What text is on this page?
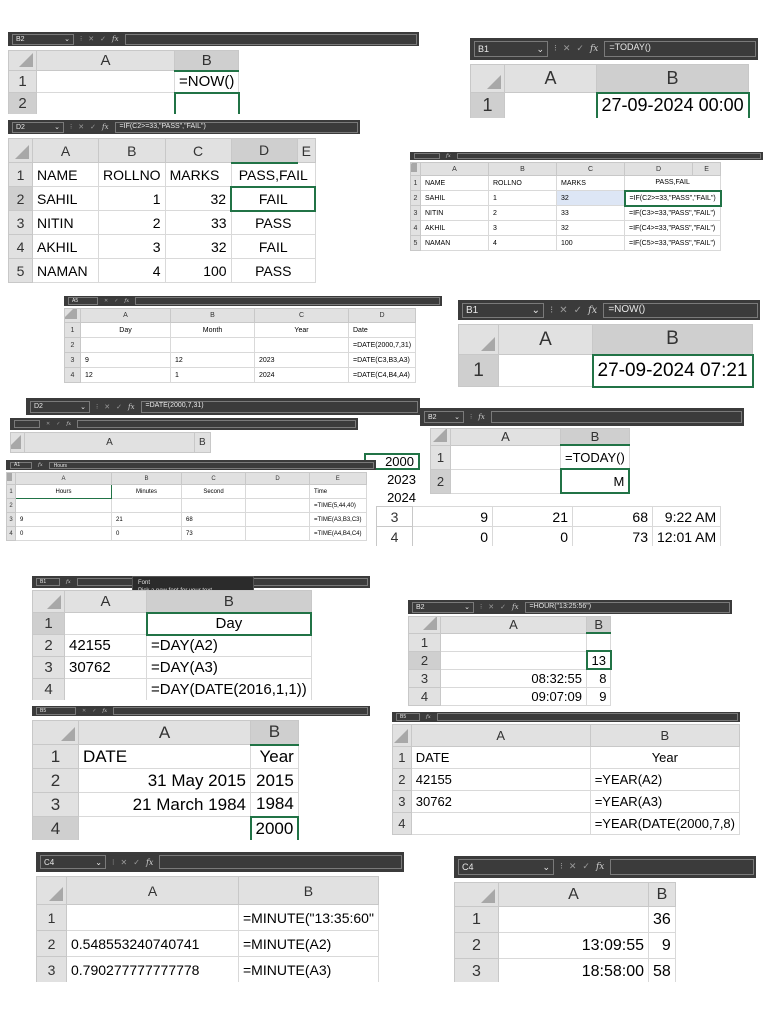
B2	⌄ ⁝ ✕ ✓ fx
	A	B
1		=NOW()
2		
B1	⌄ ⁝ ✕ ✓ fx	=TODAY()
	A	B
1		27-09-2024 00:00
D2	⌄ ⁝ ✕ ✓ fx	=IF(C2>=33,"PASS","FAIL")
	A	B	C	D	E
1	NAME	ROLLNO	MARKS	PASS,FAIL	
2	SAHIL	1	32	FAIL	
3	NITIN	2	33	PASS	
4	AKHIL	3	32	FAIL	
5	NAMAN	4	100	PASS	
fx
	A	B	C	D	E
1	NAME	ROLLNO	MARKS	PASS,FAIL	
2	SAHIL	1	32	=IF(C2>=33,"PASS","FAIL")	
3	NITIN	2	33	=IF(C3>=33,"PASS","FAIL")	
4	AKHIL	3	32	=IF(C4>=33,"PASS","FAIL")	
5	NAMAN	4	100	=IF(C5>=33,"PASS","FAIL")	
A5	✕ ✓ fx
	A	B	C	D
1	Day	Month	Year	Date
2				=DATE(2000,7,31)
3	9	12	2023	=DATE(C3,B3,A3)
4	12	1	2024	=DATE(C4,B4,A4)
B1	⌄ ⁝ ✕ ✓ fx	=NOW()
	A	B
1		27-09-2024 07:21
D2	⌄ ⁝ ✕ ✓ fx	=DATE(2000,7,31)
2000
2023
2024
B2	⌄ ⁝ fx
	A	B
1		=TODAY()
2		M
✕ ✓ fx
	A	B
A1	fx	Hours
	A	B	C	D	E
1	Hours	Minutes	Second		Time
2					=TIME(5,44,40)
3	9	21	68		=TIME(A3,B3,C3)
4	0	0	73		=TIME(A4,B4,C4)
3	9	21	68	9:22 AM
4	0	0	73	12:01 AM
B1	fx	Font
	A	B
1		Day
2	42155	=DAY(A2)
3	30762	=DAY(A3)
4		=DAY(DATE(2016,1,1))
B2	⌄ ⁝ ✕ ✓ fx	=HOUR("13:25:56")
	A	B
1		
2		13
3	08:32:55	8
4	09:07:09	9
B5	✕ ✓ fx
	A	B
1	DATE	Year
2	31 May 2015	2015
3	21 March 1984	1984
4		2000
B5	fx
	A	B
1	DATE	Year
2	42155	=YEAR(A2)
3	30762	=YEAR(A3)
4		=YEAR(DATE(2000,7,8)
C4	⌄ ⁝ ✕ ✓ fx
	A	B
1		=MINUTE("13:35:60"
2	0.548553240740741	=MINUTE(A2)
3	0.790277777777778	=MINUTE(A3)
C4	⌄ ⁝ ✕ ✓ fx
	A	B
1		36
2	13:09:55	9
3	18:58:00	58
